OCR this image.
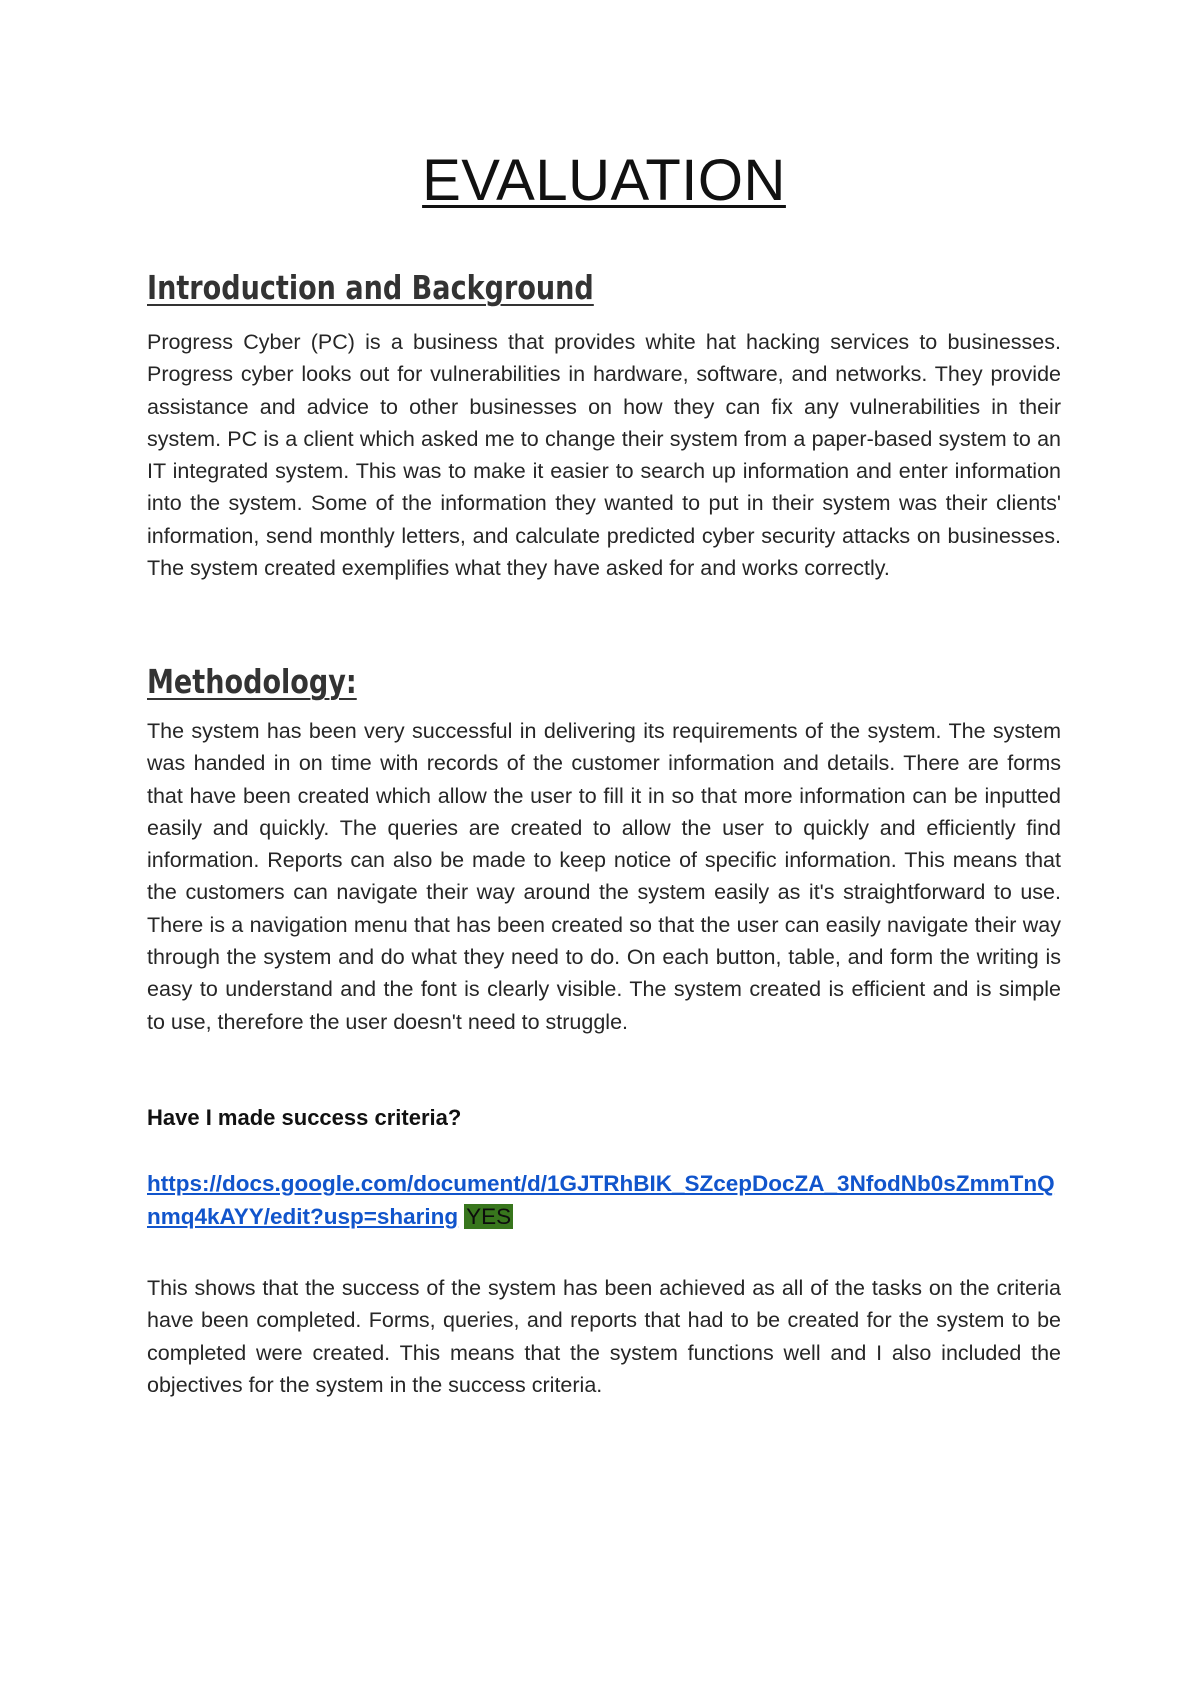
EVALUATION
Introduction and Background

Progress Cyber (PC) is a business that provides white hat hacking services to businesses. Progress cyber looks out for vulnerabilities in hardware, software, and networks. They provide assistance and advice to other businesses on how they can fix any vulnerabilities in their system. PC is a client which asked me to change their system from a paper-based system to an IT integrated system. This was to make it easier to search up information and enter information into the system. Some of the information they wanted to put in their system was their clients' information, send monthly letters, and calculate predicted cyber security attacks on businesses. The system created exemplifies what they have asked for and works correctly.

Methodology:

The system has been very successful in delivering its requirements of the system. The system was handed in on time with records of the customer information and details. There are forms that have been created which allow the user to fill it in so that more information can be inputted easily and quickly. The queries are created to allow the user to quickly and efficiently find information. Reports can also be made to keep notice of specific information. This means that the customers can navigate their way around the system easily as it's straightforward to use. There is a navigation menu that has been created so that the user can easily navigate their way through the system and do what they need to do. On each button, table, and form the writing is easy to understand and the font is clearly visible. The system created is efficient and is simple to use, therefore the user doesn't need to struggle.

Have I made success criteria?

https://docs.google.com/document/d/1GJTRhBIK_SZcepDocZA_3NfodNb0sZmmTnQnmq4kAYY/edit?usp=sharing YES

This shows that the success of the system has been achieved as all of the tasks on the criteria have been completed. Forms, queries, and reports that had to be created for the system to be completed were created. This means that the system functions well and I also included the objectives for the system in the success criteria.
